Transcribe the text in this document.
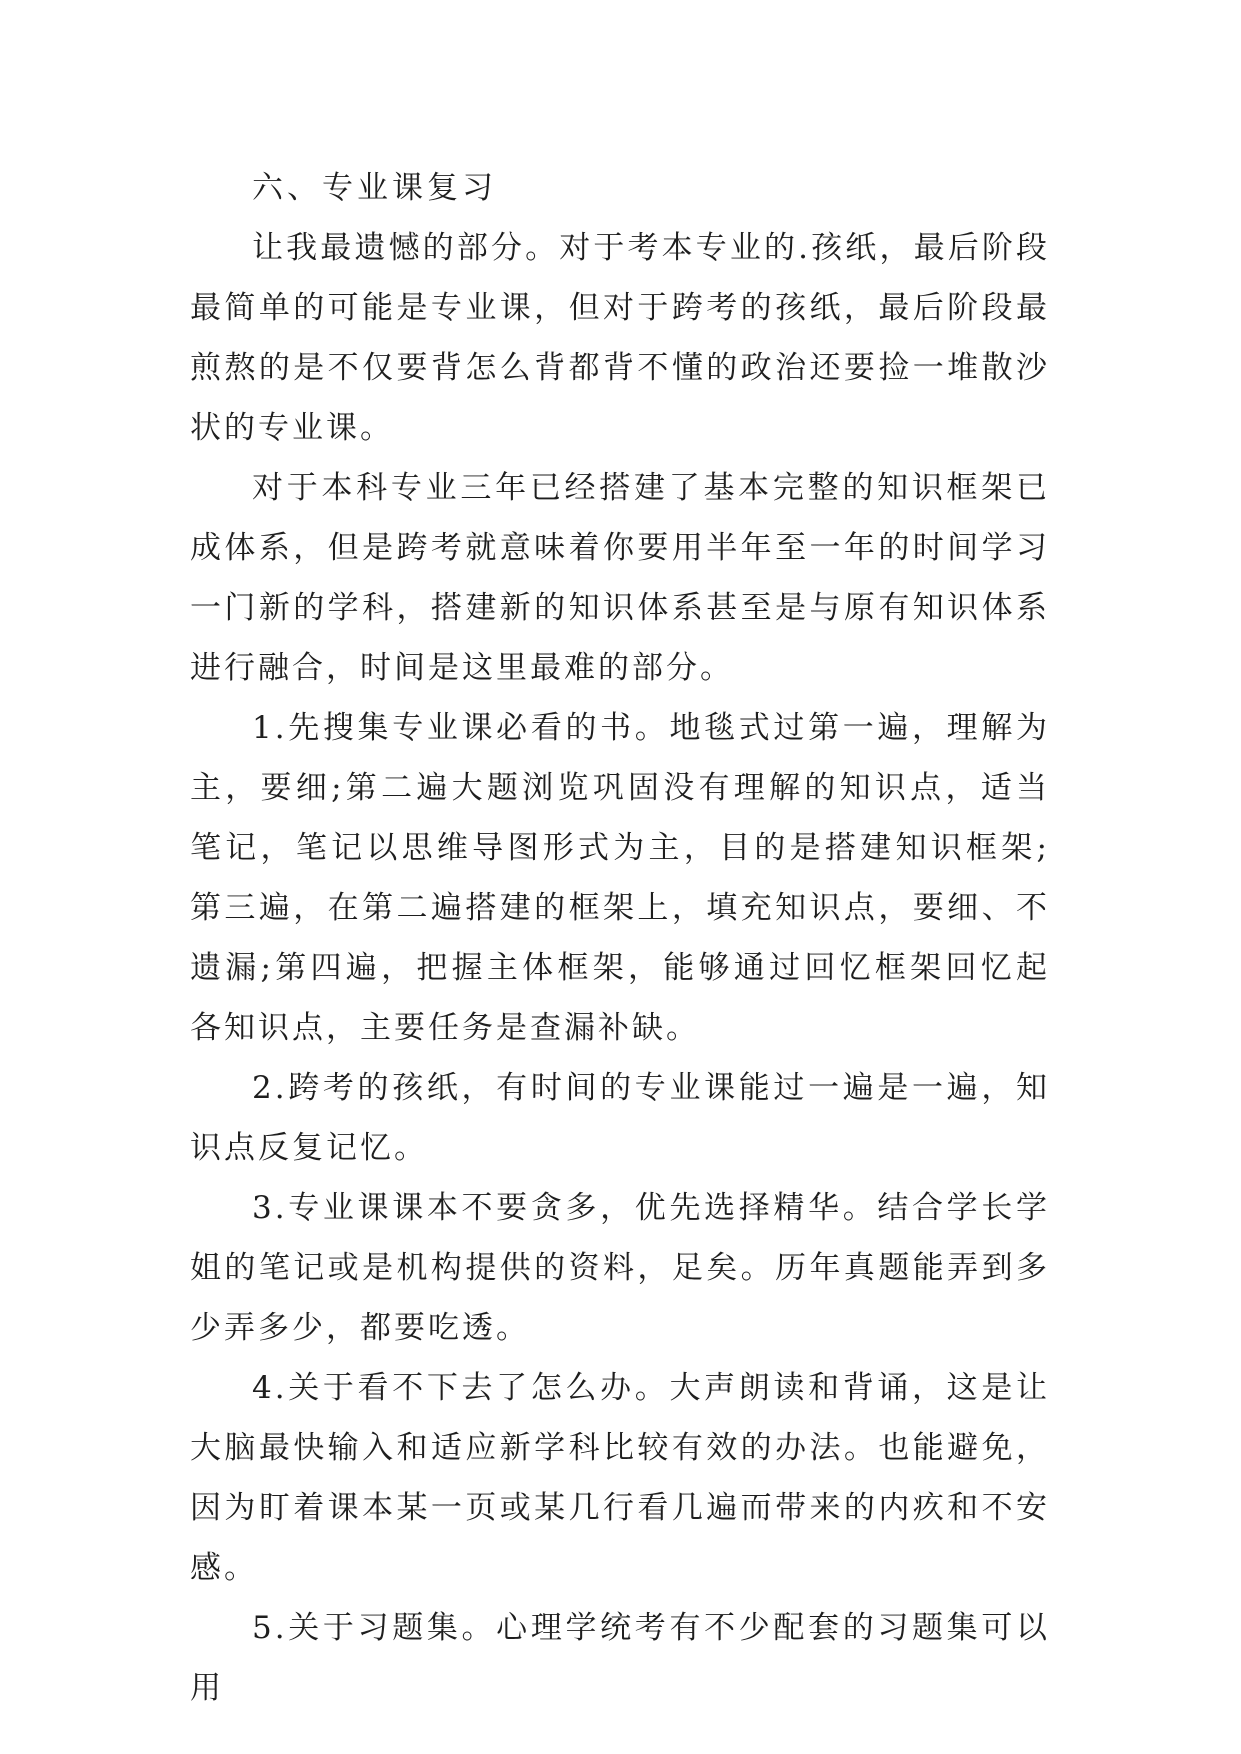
六、专业课复习

让我最遗憾的部分。对于考本专业的.孩纸，最后阶段最简单的可能是专业课，但对于跨考的孩纸，最后阶段最煎熬的是不仅要背怎么背都背不懂的政治还要捡一堆散沙状的专业课。

对于本科专业三年已经搭建了基本完整的知识框架已成体系，但是跨考就意味着你要用半年至一年的时间学习一门新的学科，搭建新的知识体系甚至是与原有知识体系进行融合，时间是这里最难的部分。

1.先搜集专业课必看的书。地毯式过第一遍，理解为主，要细;第二遍大题浏览巩固没有理解的知识点，适当笔记，笔记以思维导图形式为主，目的是搭建知识框架;第三遍，在第二遍搭建的框架上，填充知识点，要细、不遗漏;第四遍，把握主体框架，能够通过回忆框架回忆起各知识点，主要任务是查漏补缺。

2.跨考的孩纸，有时间的专业课能过一遍是一遍，知识点反复记忆。

3.专业课课本不要贪多，优先选择精华。结合学长学姐的笔记或是机构提供的资料，足矣。历年真题能弄到多少弄多少，都要吃透。

4.关于看不下去了怎么办。大声朗读和背诵，这是让大脑最快输入和适应新学科比较有效的办法。也能避免，因为盯着课本某一页或某几行看几遍而带来的内疚和不安感。

5.关于习题集。心理学统考有不少配套的习题集可以用
